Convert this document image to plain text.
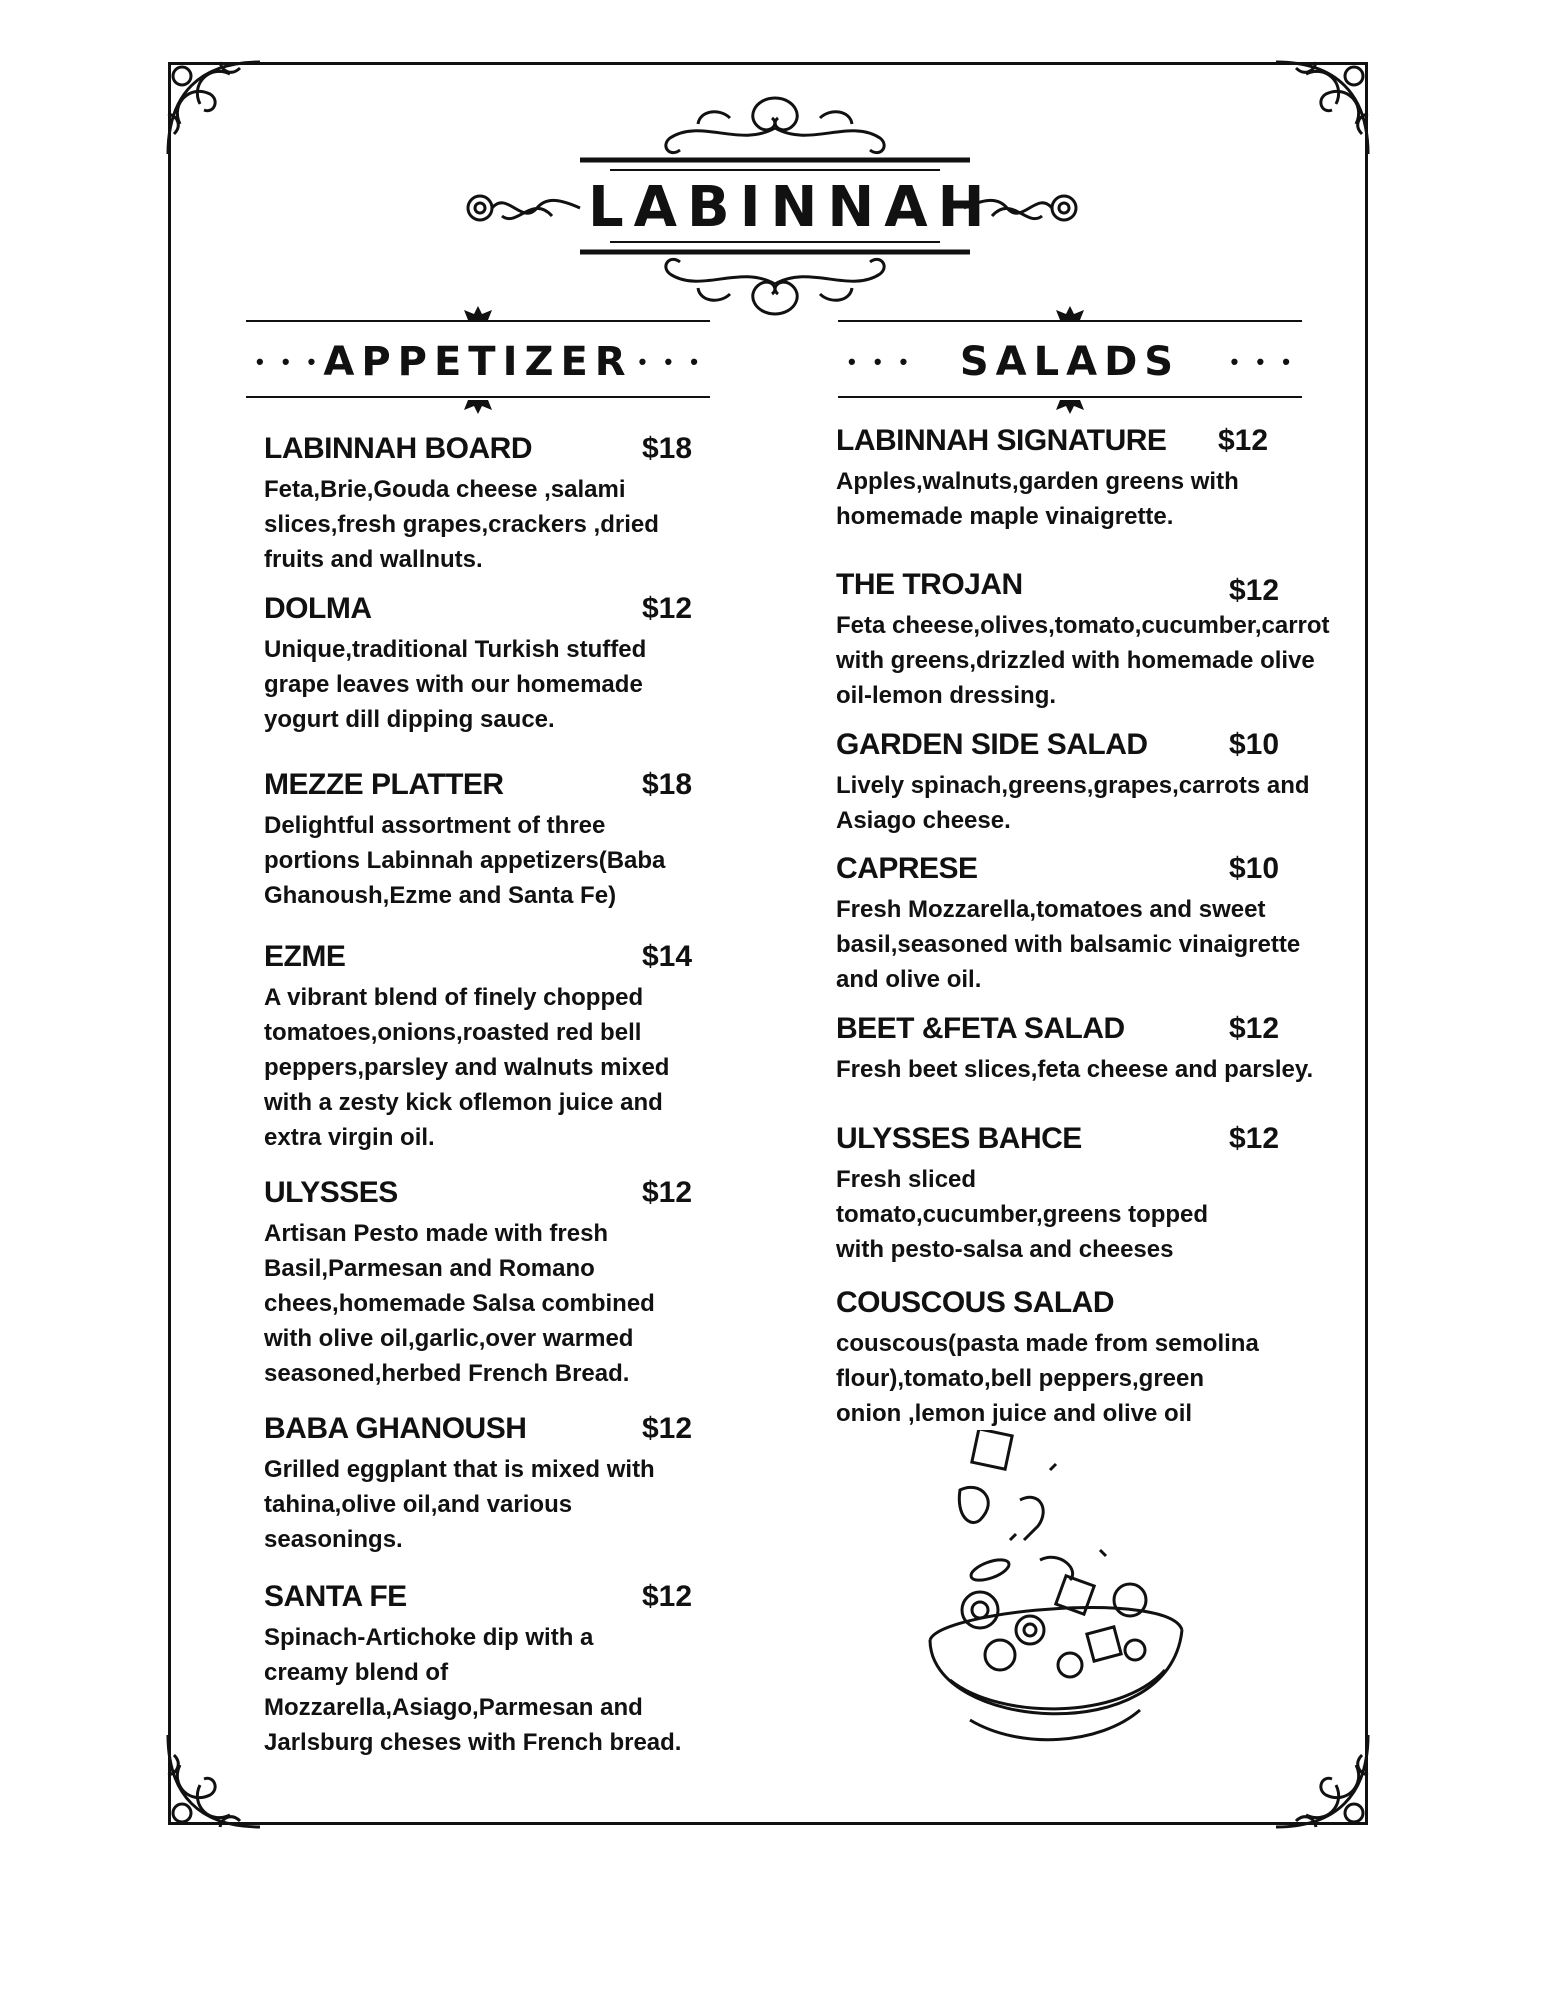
LABINNAH
• • • APPETIZER • • •	• • •	SALADS	• • •
LABINNAH BOARD	$18
Feta,Brie,Gouda cheese ,salami
slices,fresh grapes,crackers ,dried
fruits and wallnuts.
DOLMA	$12
Unique,traditional Turkish stuffed
grape leaves with our homemade
yogurt dill dipping sauce.
MEZZE PLATTER	$18
Delightful assortment of three
portions Labinnah appetizers(Baba
Ghanoush,Ezme and Santa Fe)
EZME	$14
A vibrant blend of finely chopped
tomatoes,onions,roasted red bell
peppers,parsley and walnuts mixed
with a zesty kick oflemon juice and
extra virgin oil.
ULYSSES	$12
Artisan Pesto made with fresh
Basil,Parmesan and Romano
chees,homemade Salsa combined
with olive oil,garlic,over warmed
seasoned,herbed French Bread.
BABA GHANOUSH	$12
Grilled eggplant that is mixed with
tahina,olive oil,and various
seasonings.
SANTA FE	$12
Spinach-Artichoke dip with a
creamy blend of
Mozzarella,Asiago,Parmesan and
Jarlsburg cheses with French bread.
LABINNAH SIGNATURE $12
Apples,walnuts,garden greens with
homemade maple vinaigrette.
THE TROJAN	$12
Feta cheese,olives,tomato,cucumber,carrot
with greens,drizzled with homemade olive
oil-lemon dressing.
GARDEN SIDE SALAD	$10
Lively spinach,greens,grapes,carrots and
Asiago cheese.
CAPRESE	$10
Fresh Mozzarella,tomatoes and sweet
basil,seasoned with balsamic vinaigrette
and olive oil.
BEET &FETA SALAD	$12
Fresh beet slices,feta cheese and parsley.
ULYSSES BAHCE	$12
Fresh sliced
tomato,cucumber,greens topped
with pesto-salsa and cheeses
COUSCOUS SALAD
couscous(pasta made from semolina
flour),tomato,bell peppers,green
onion ,lemon juice and olive oil
